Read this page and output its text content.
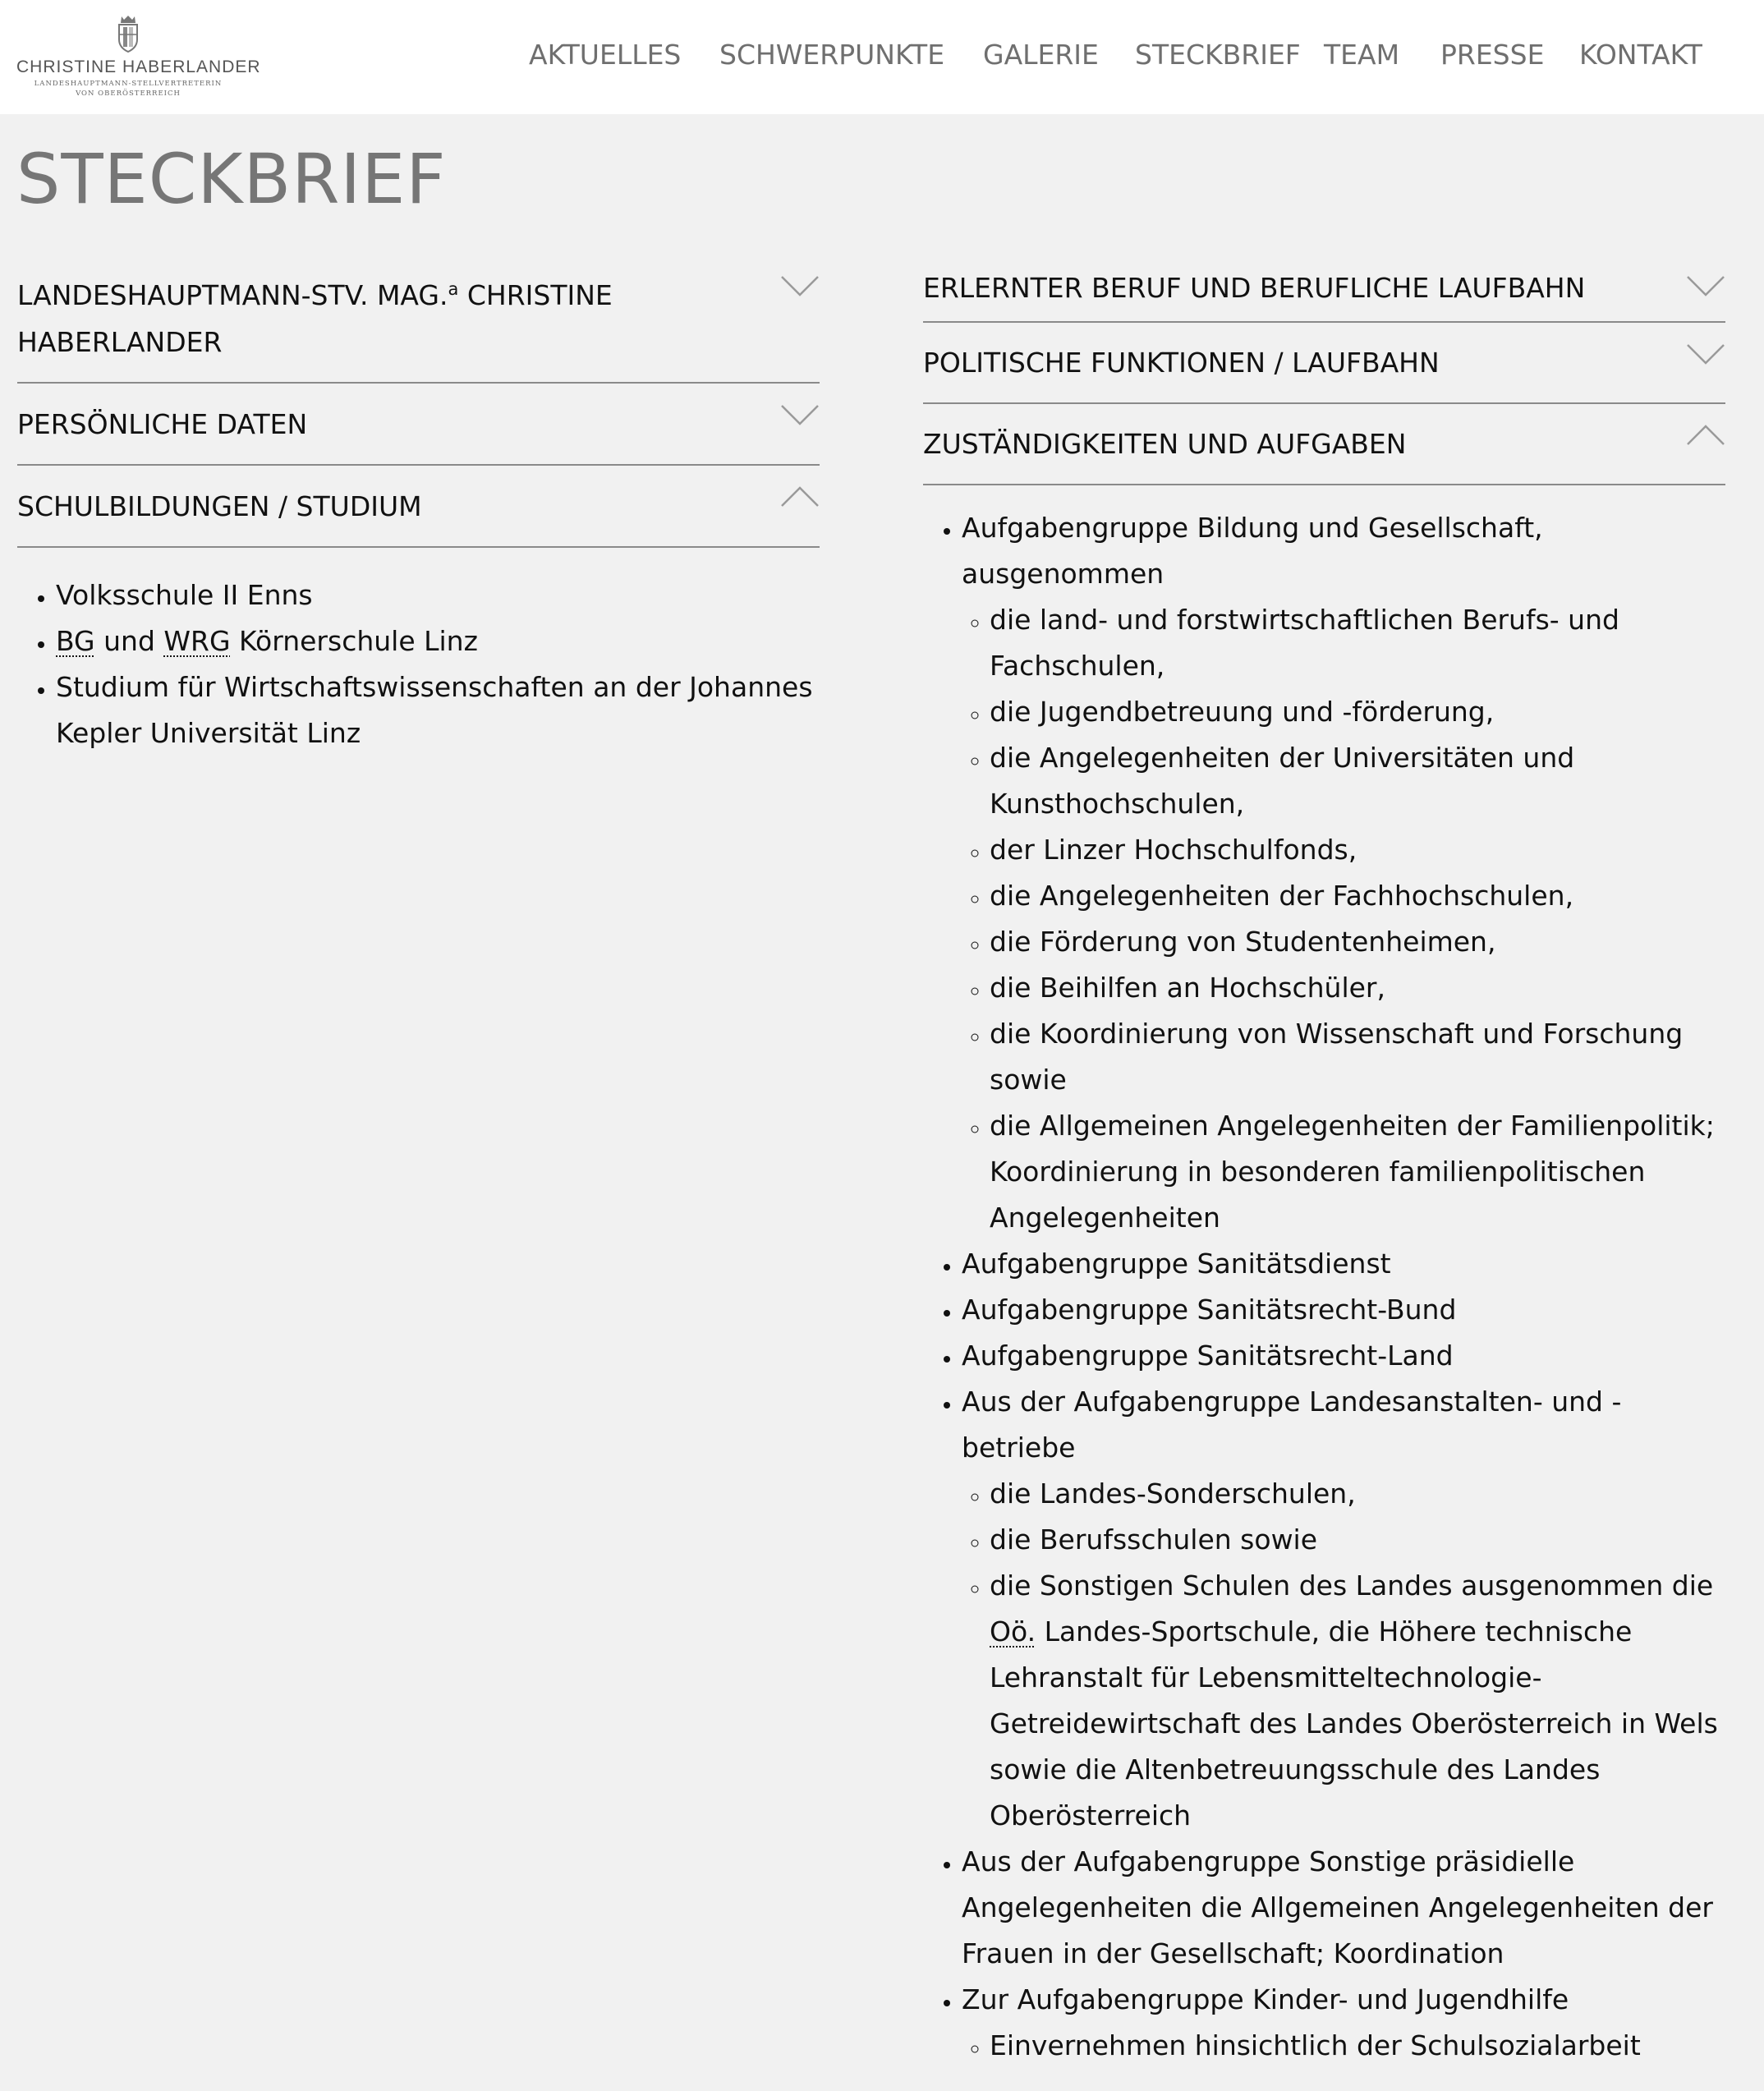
CHRISTINE HABERLANDER
LANDESHAUPTMANN-STELLVERTRETERIN
VON OBERÖSTERREICH
AKTUELLES SCHWERPUNKTE GALERIE STECKBRIEF TEAM PRESSE KONTAKT
STECKBRIEF
LANDESHAUPTMANN-STV. MAG.$^a$ CHRISTINE HABERLANDER
PERSÖNLICHE DATEN
SCHULBILDUNGEN / STUDIUM
• Volksschule II Enns
• BG und WRG Körnerschule Linz
• Studium für Wirtschaftswissenschaften an der Johannes Kepler Universität Linz
ERLERNTER BERUF UND BERUFLICHE LAUFBAHN
POLITISCHE FUNKTIONEN / LAUFBAHN
ZUSTÄNDIGKEITEN UND AUFGABEN
• Aufgabengruppe Bildung und Gesellschaft, ausgenommen
◦ die land- und forstwirtschaftlichen Berufs- und Fachschulen,
◦ die Jugendbetreuung und -förderung,
◦ die Angelegenheiten der Universitäten und Kunsthochschulen,
◦ der Linzer Hochschulfonds,
◦ die Angelegenheiten der Fachhochschulen,
◦ die Förderung von Studentenheimen,
◦ die Beihilfen an Hochschüler,
◦ die Koordinierung von Wissenschaft und Forschung sowie
◦ die Allgemeinen Angelegenheiten der Familienpolitik; Koordinierung in besonderen familienpolitischen Angelegenheiten
• Aufgabengruppe Sanitätsdienst
• Aufgabengruppe Sanitätsrecht-Bund
• Aufgabengruppe Sanitätsrecht-Land
• Aus der Aufgabengruppe Landesanstalten- und -betriebe
◦ die Landes-Sonderschulen,
◦ die Berufsschulen sowie
◦ die Sonstigen Schulen des Landes ausgenommen die Oö. Landes-Sportschule, die Höhere technische Lehranstalt für Lebensmitteltechnologie-Getreidewirtschaft des Landes Oberösterreich in Wels sowie die Altenbetreuungsschule des Landes Oberösterreich
• Aus der Aufgabengruppe Sonstige präsidielle Angelegenheiten die Allgemeinen Angelegenheiten der Frauen in der Gesellschaft; Koordination
• Zur Aufgabengruppe Kinder- und Jugendhilfe
◦ Einvernehmen hinsichtlich der Schulsozialarbeit
